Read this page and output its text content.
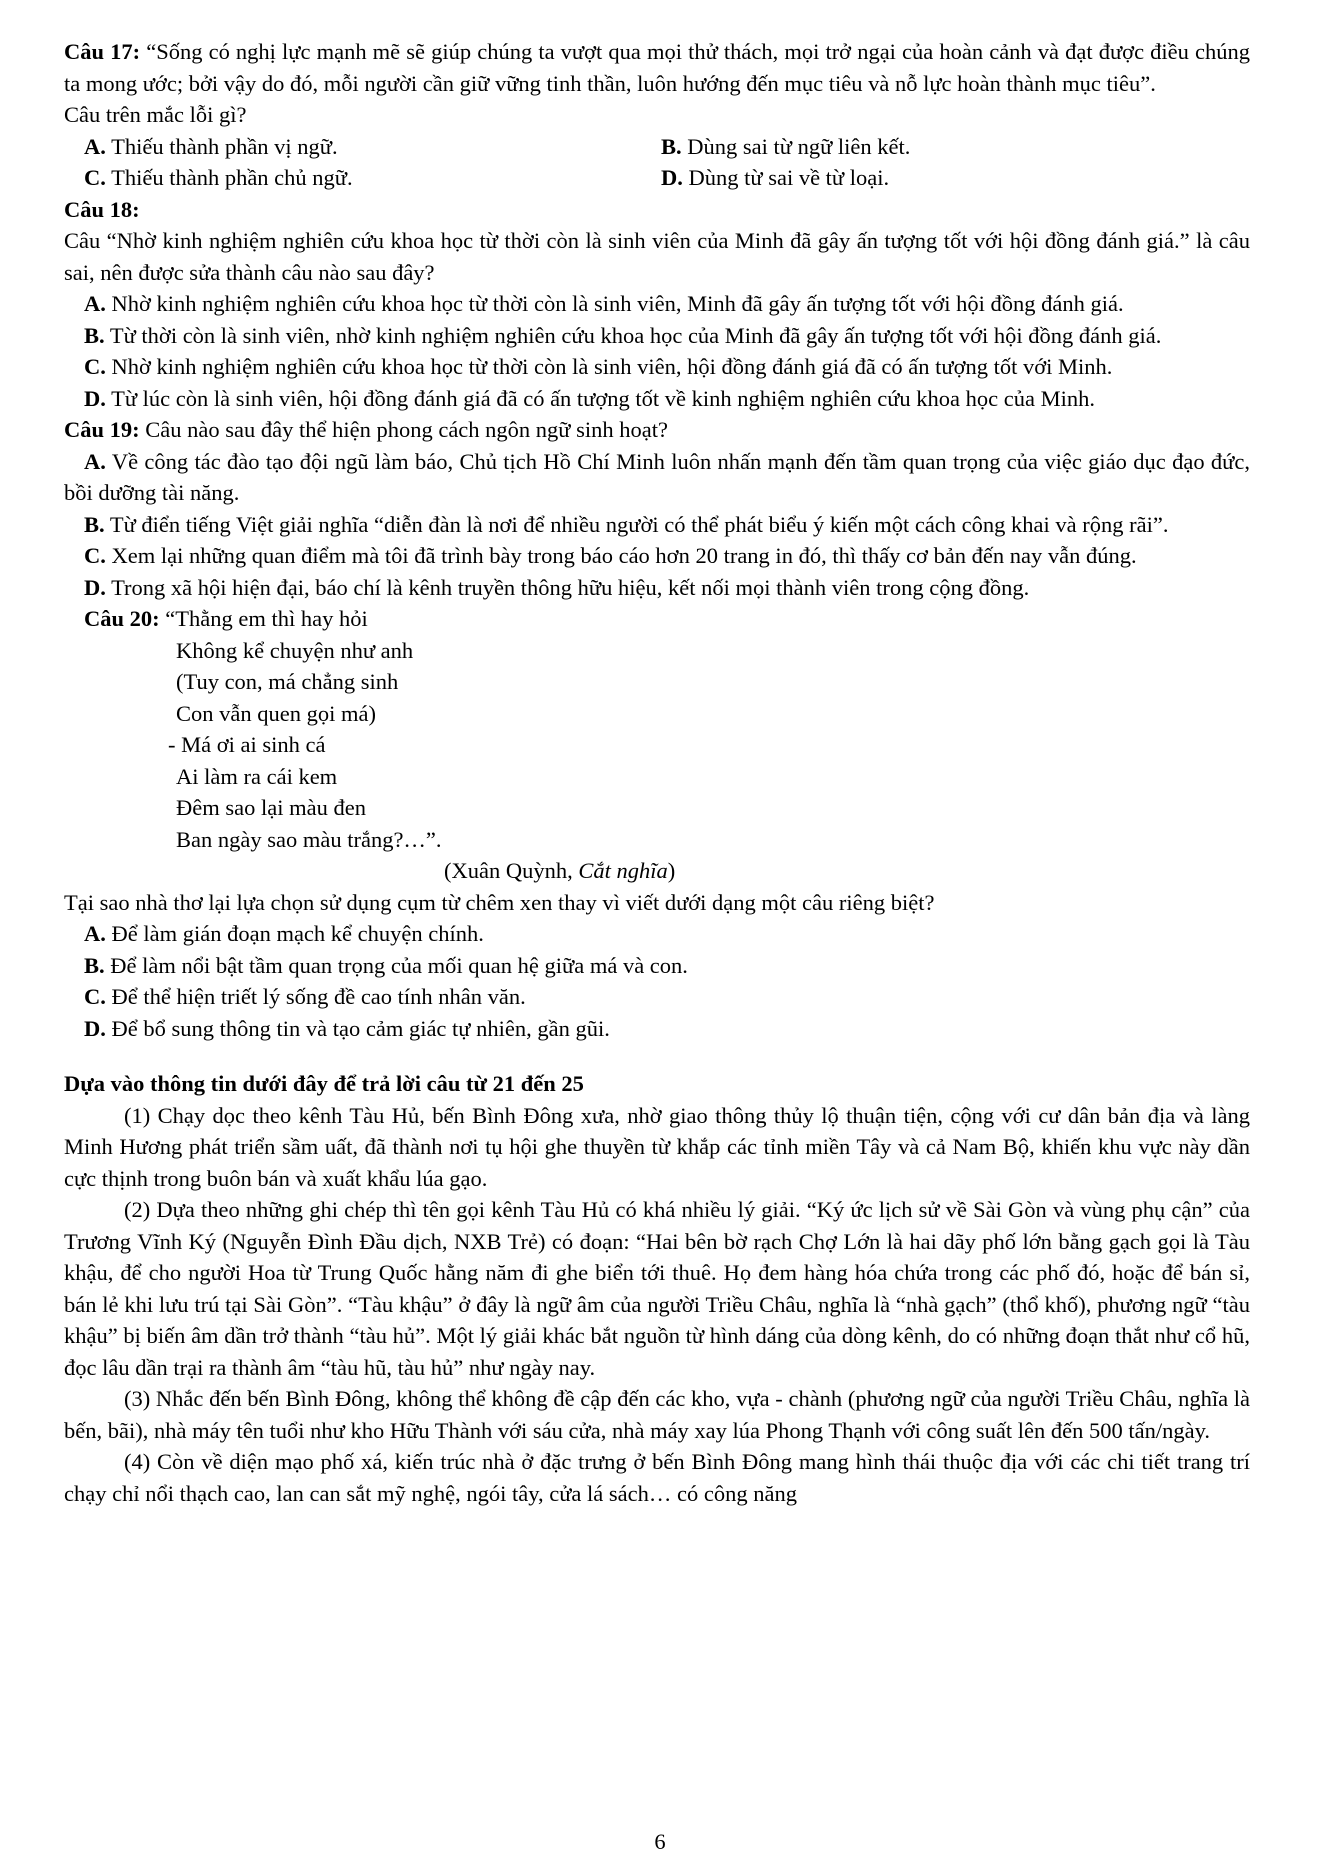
Câu 17: “Sống có nghị lực mạnh mẽ sẽ giúp chúng ta vượt qua mọi thử thách, mọi trở ngại của hoàn cảnh và đạt được điều chúng ta mong ước; bởi vậy do đó, mỗi người cần giữ vững tinh thần, luôn hướng đến mục tiêu và nỗ lực hoàn thành mục tiêu”.

Câu trên mắc lỗi gì?

A. Thiếu thành phần vị ngữ.	B. Dùng sai từ ngữ liên kết.
C. Thiếu thành phần chủ ngữ.	D. Dùng từ sai về từ loại.

Câu 18:

Câu “Nhờ kinh nghiệm nghiên cứu khoa học từ thời còn là sinh viên của Minh đã gây ấn tượng tốt với hội đồng đánh giá.” là câu sai, nên được sửa thành câu nào sau đây?

A. Nhờ kinh nghiệm nghiên cứu khoa học từ thời còn là sinh viên, Minh đã gây ấn tượng tốt với hội đồng đánh giá.

B. Từ thời còn là sinh viên, nhờ kinh nghiệm nghiên cứu khoa học của Minh đã gây ấn tượng tốt với hội đồng đánh giá.

C. Nhờ kinh nghiệm nghiên cứu khoa học từ thời còn là sinh viên, hội đồng đánh giá đã có ấn tượng tốt với Minh.

D. Từ lúc còn là sinh viên, hội đồng đánh giá đã có ấn tượng tốt về kinh nghiệm nghiên cứu khoa học của Minh.

Câu 19: Câu nào sau đây thể hiện phong cách ngôn ngữ sinh hoạt?

A. Về công tác đào tạo đội ngũ làm báo, Chủ tịch Hồ Chí Minh luôn nhấn mạnh đến tầm quan trọng của việc giáo dục đạo đức, bồi dưỡng tài năng.

B. Từ điển tiếng Việt giải nghĩa “diễn đàn là nơi để nhiều người có thể phát biểu ý kiến một cách công khai và rộng rãi”.

C. Xem lại những quan điểm mà tôi đã trình bày trong báo cáo hơn 20 trang in đó, thì thấy cơ bản đến nay vẫn đúng.

D. Trong xã hội hiện đại, báo chí là kênh truyền thông hữu hiệu, kết nối mọi thành viên trong cộng đồng.

Câu 20: “Thằng em thì hay hỏi

Không kể chuyện như anh

(Tuy con, má chẳng sinh

Con vẫn quen gọi má)

- Má ơi ai sinh cá

Ai làm ra cái kem

Đêm sao lại màu đen

Ban ngày sao màu trắng?…”.

(Xuân Quỳnh, Cắt nghĩa)

Tại sao nhà thơ lại lựa chọn sử dụng cụm từ chêm xen thay vì viết dưới dạng một câu riêng biệt?

A. Để làm gián đoạn mạch kể chuyện chính.

B. Để làm nổi bật tầm quan trọng của mối quan hệ giữa má và con.

C. Để thể hiện triết lý sống đề cao tính nhân văn.

D. Để bổ sung thông tin và tạo cảm giác tự nhiên, gần gũi.

Dựa vào thông tin dưới đây để trả lời câu từ 21 đến 25

(1) Chạy dọc theo kênh Tàu Hủ, bến Bình Đông xưa, nhờ giao thông thủy lộ thuận tiện, cộng với cư dân bản địa và làng Minh Hương phát triển sầm uất, đã thành nơi tụ hội ghe thuyền từ khắp các tỉnh miền Tây và cả Nam Bộ, khiến khu vực này dần cực thịnh trong buôn bán và xuất khẩu lúa gạo.

(2) Dựa theo những ghi chép thì tên gọi kênh Tàu Hủ có khá nhiều lý giải. “Ký ức lịch sử về Sài Gòn và vùng phụ cận” của Trương Vĩnh Ký (Nguyễn Đình Đầu dịch, NXB Trẻ) có đoạn: “Hai bên bờ rạch Chợ Lớn là hai dãy phố lớn bằng gạch gọi là Tàu khậu, để cho người Hoa từ Trung Quốc hằng năm đi ghe biển tới thuê. Họ đem hàng hóa chứa trong các phố đó, hoặc để bán sỉ, bán lẻ khi lưu trú tại Sài Gòn”. “Tàu khậu” ở đây là ngữ âm của người Triều Châu, nghĩa là “nhà gạch” (thổ khố), phương ngữ “tàu khậu” bị biến âm dần trở thành “tàu hủ”. Một lý giải khác bắt nguồn từ hình dáng của dòng kênh, do có những đoạn thắt như cổ hũ, đọc lâu dần trại ra thành âm “tàu hũ, tàu hủ” như ngày nay.

(3) Nhắc đến bến Bình Đông, không thể không đề cập đến các kho, vựa - chành (phương ngữ của người Triều Châu, nghĩa là bến, bãi), nhà máy tên tuổi như kho Hữu Thành với sáu cửa, nhà máy xay lúa Phong Thạnh với công suất lên đến 500 tấn/ngày.

(4) Còn về diện mạo phố xá, kiến trúc nhà ở đặc trưng ở bến Bình Đông mang hình thái thuộc địa với các chi tiết trang trí chạy chỉ nổi thạch cao, lan can sắt mỹ nghệ, ngói tây, cửa lá sách… có công năng

6
